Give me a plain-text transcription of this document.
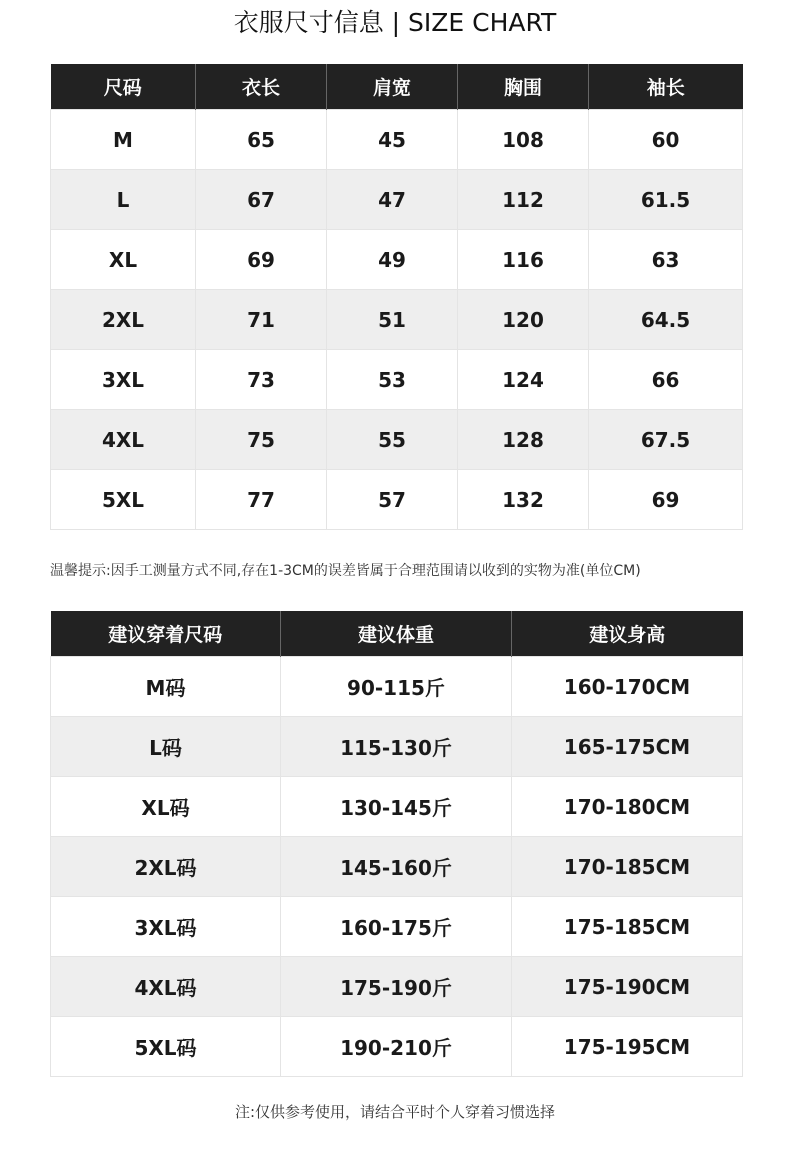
衣服尺寸信息 | SIZE CHART
尺码	衣长	肩宽	胸围	袖长
M	65	45	108	60
L	67	47	112	61.5
XL	69	49	116	63
2XL	71	51	120	64.5
3XL	73	53	124	66
4XL	75	55	128	67.5
5XL	77	57	132	69
温馨提示:因手工测量方式不同,存在1-3CM的误差皆属于合理范围请以收到的实物为准(单位CM)
建议穿着尺码	建议体重	建议身高
M码	90-115斤	160-170CM
L码	115-130斤	165-175CM
XL码	130-145斤	170-180CM
2XL码	145-160斤	170-185CM
3XL码	160-175斤	175-185CM
4XL码	175-190斤	175-190CM
5XL码	190-210斤	175-195CM
注:仅供参考使用，请结合平时个人穿着习惯选择
